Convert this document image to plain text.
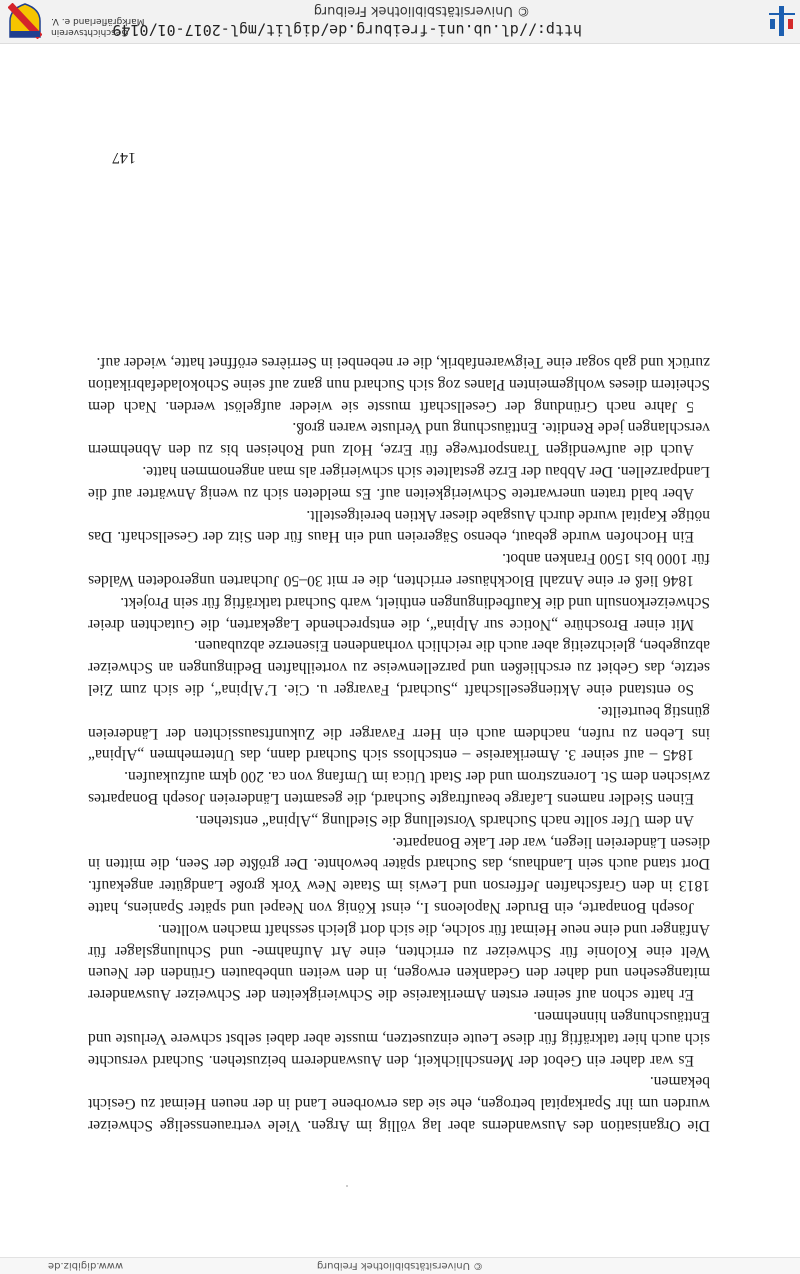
© Universitätsbibliothek Freiburg
www.digibiz.de

Die Organisation des Auswanderns aber lag völlig im Argen. Viele vertrauensselige Schweizer wurden um ihr Sparkapital betrogen, ehe sie das erworbene Land in der neuen Heimat zu Gesicht bekamen.

Es war daher ein Gebot der Menschlichkeit, den Auswanderern beizustehen. Suchard versuchte sich auch hier tatkräftig für diese Leute einzusetzen, musste aber dabei selbst schwere Verluste und Enttäuschungen hinnehmen.

Er hatte schon auf seiner ersten Amerikareise die Schwierigkeiten der Schweizer Auswanderer mitangesehen und daher den Gedanken erwogen, in den weiten unbebauten Gründen der Neuen Welt eine Kolonie für Schweizer zu errichten, eine Art Aufnahme- und Schulungslager für Anfänger und eine neue Heimat für solche, die sich dort gleich sesshaft machen wollten.

Joseph Bonaparte, ein Bruder Napoleons I., einst König von Neapel und später Spaniens, hatte 1813 in den Grafschaften Jefferson und Lewis im Staate New York große Landgüter angekauft. Dort stand auch sein Landhaus, das Suchard später bewohnte. Der größte der Seen, die mitten in diesen Ländereien liegen, war der Lake Bonaparte.

An dem Ufer sollte nach Suchards Vorstellung die Siedlung „Alpina“ entstehen.

Einen Siedler namens Lafarge beauftragte Suchard, die gesamten Ländereien Joseph Bonapartes zwischen dem St. Lorenzstrom und der Stadt Utica im Umfang von ca. 200 qkm aufzukaufen.

1845 – auf seiner 3. Amerikareise – entschloss sich Suchard dann, das Unternehmen „Alpina“ ins Leben zu rufen, nachdem auch ein Herr Favarger die Zukunftsaussichten der Ländereien günstig beurteilte.

So entstand eine Aktiengesellschaft „Suchard, Favarger u. Cie. L’Alpina“, die sich zum Ziel setzte, das Gebiet zu erschließen und parzellenweise zu vorteilhaften Bedingungen an Schweizer abzugeben, gleichzeitig aber auch die reichlich vorhandenen Eisenerze abzubauen.

Mit einer Broschüre „Notice sur Alpina“, die entsprechende Lagekarten, die Gutachten dreier Schweizerkonsuln und die Kaufbedingungen enthielt, warb Suchard tatkräftig für sein Projekt.

1846 ließ er eine Anzahl Blockhäuser errichten, die er mit 30–50 Jucharten ungerodeten Waldes für 1000 bis 1500 Franken anbot.

Ein Hochofen wurde gebaut, ebenso Sägereien und ein Haus für den Sitz der Gesellschaft. Das nötige Kapital wurde durch Ausgabe dieser Aktien bereitgestellt.

Aber bald traten unerwartete Schwierigkeiten auf. Es meldeten sich zu wenig Anwärter auf die Landparzellen. Der Abbau der Erze gestaltete sich schwieriger als man angenommen hatte.

Auch die aufwendigen Transportwege für Erze, Holz und Roheisen bis zu den Abnehmern verschlangen jede Rendite. Enttäuschung und Verluste waren groß.

5 Jahre nach Gründung der Gesellschaft musste sie wieder aufgelöst werden. Nach dem Scheitern dieses wohlgemeinten Planes zog sich Suchard nun ganz auf seine Schokoladefabrikation zurück und gab sogar eine Teigwarenfabrik, die er nebenbei in Serrières eröffnet hatte, wieder auf.

147
http://dl.ub.uni-freiburg.de/diglit/mgl-2017-01/0149
© Universitätsbibliothek Freiburg
Geschichtsverein
Markgräflerland e. V.
